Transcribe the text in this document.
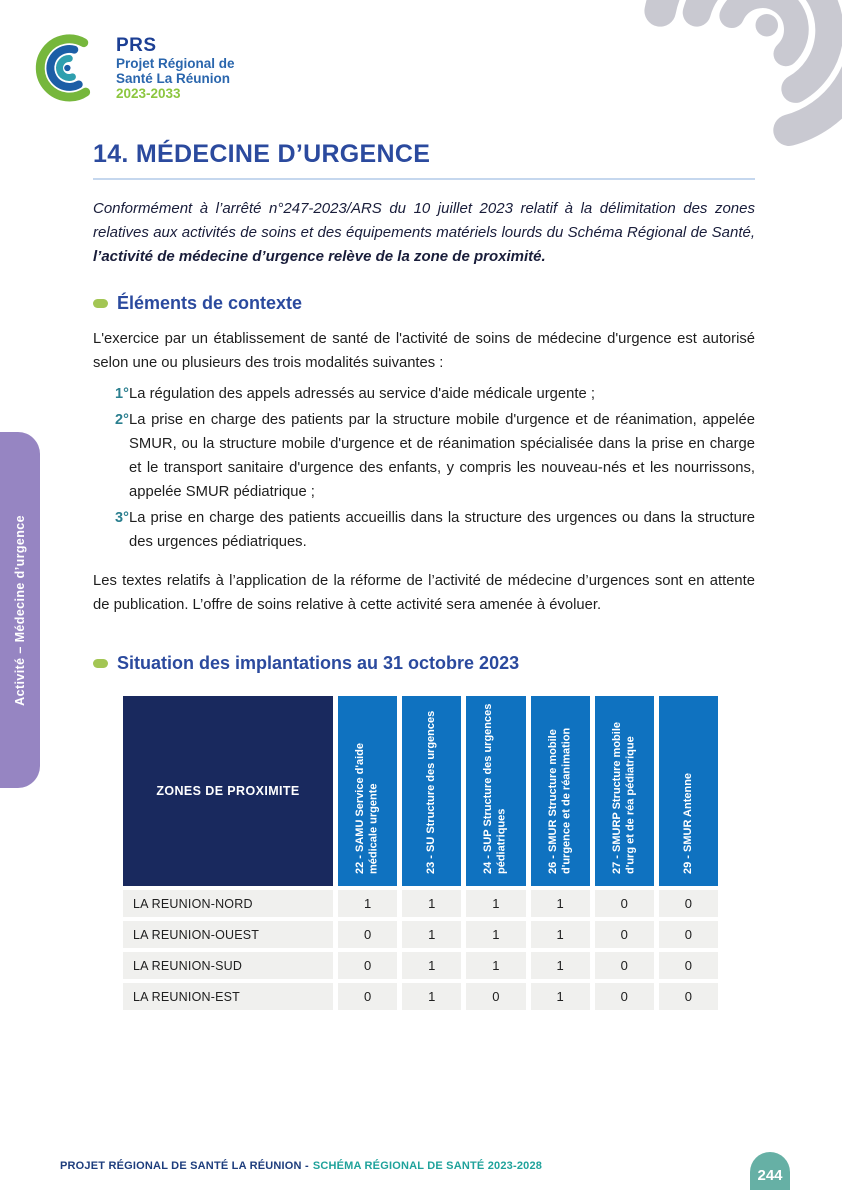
PRS
Projet Régional de
Santé La Réunion
2023-2033
Activité – Médecine d’urgence
14. MÉDECINE D’URGENCE

Conformément à l’arrêté n°247-2023/ARS du 10 juillet 2023 relatif à la délimitation des zones relatives aux activités de soins et des équipements matériels lourds du Schéma Régional de Santé, l’activité de médecine d’urgence relève de la zone de proximité.

Éléments de contexte

L'exercice par un établissement de santé de l'activité de soins de médecine d'urgence est autorisé selon une ou plusieurs des trois modalités suivantes :

1° La régulation des appels adressés au service d'aide médicale urgente ;
2° La prise en charge des patients par la structure mobile d'urgence et de réanimation, appelée SMUR, ou la structure mobile d'urgence et de réanimation spécialisée dans la prise en charge et le transport sanitaire d'urgence des enfants, y compris les nouveau-nés et les nourrissons, appelée SMUR pédiatrique ;
3° La prise en charge des patients accueillis dans la structure des urgences ou dans la structure des urgences pédiatriques.

Les textes relatifs à l’application de la réforme de l’activité de médecine d’urgences sont en attente de publication. L’offre de soins relative à cette activité sera amenée à évoluer.

Situation des implantations au 31 octobre 2023
ZONES DE PROXIMITE	22 - SAMU Service d'aide médicale urgente	23 - SU Structure des urgences	24 - SUP Structure des urgences pédiatriques	26 - SMUR Structure mobile d'urgence et de réanimation	27 - SMURP Structure mobile d'urg et de réa pédiatrique	29 - SMUR Antenne
LA REUNION-NORD	1	1	1	1	0	0
LA REUNION-OUEST	0	1	1	1	0	0
LA REUNION-SUD	0	1	1	1	0	0
LA REUNION-EST	0	1	0	1	0	0
PROJET RÉGIONAL DE SANTÉ LA RÉUNION - SCHÉMA RÉGIONAL DE SANTÉ 2023-2028
244
